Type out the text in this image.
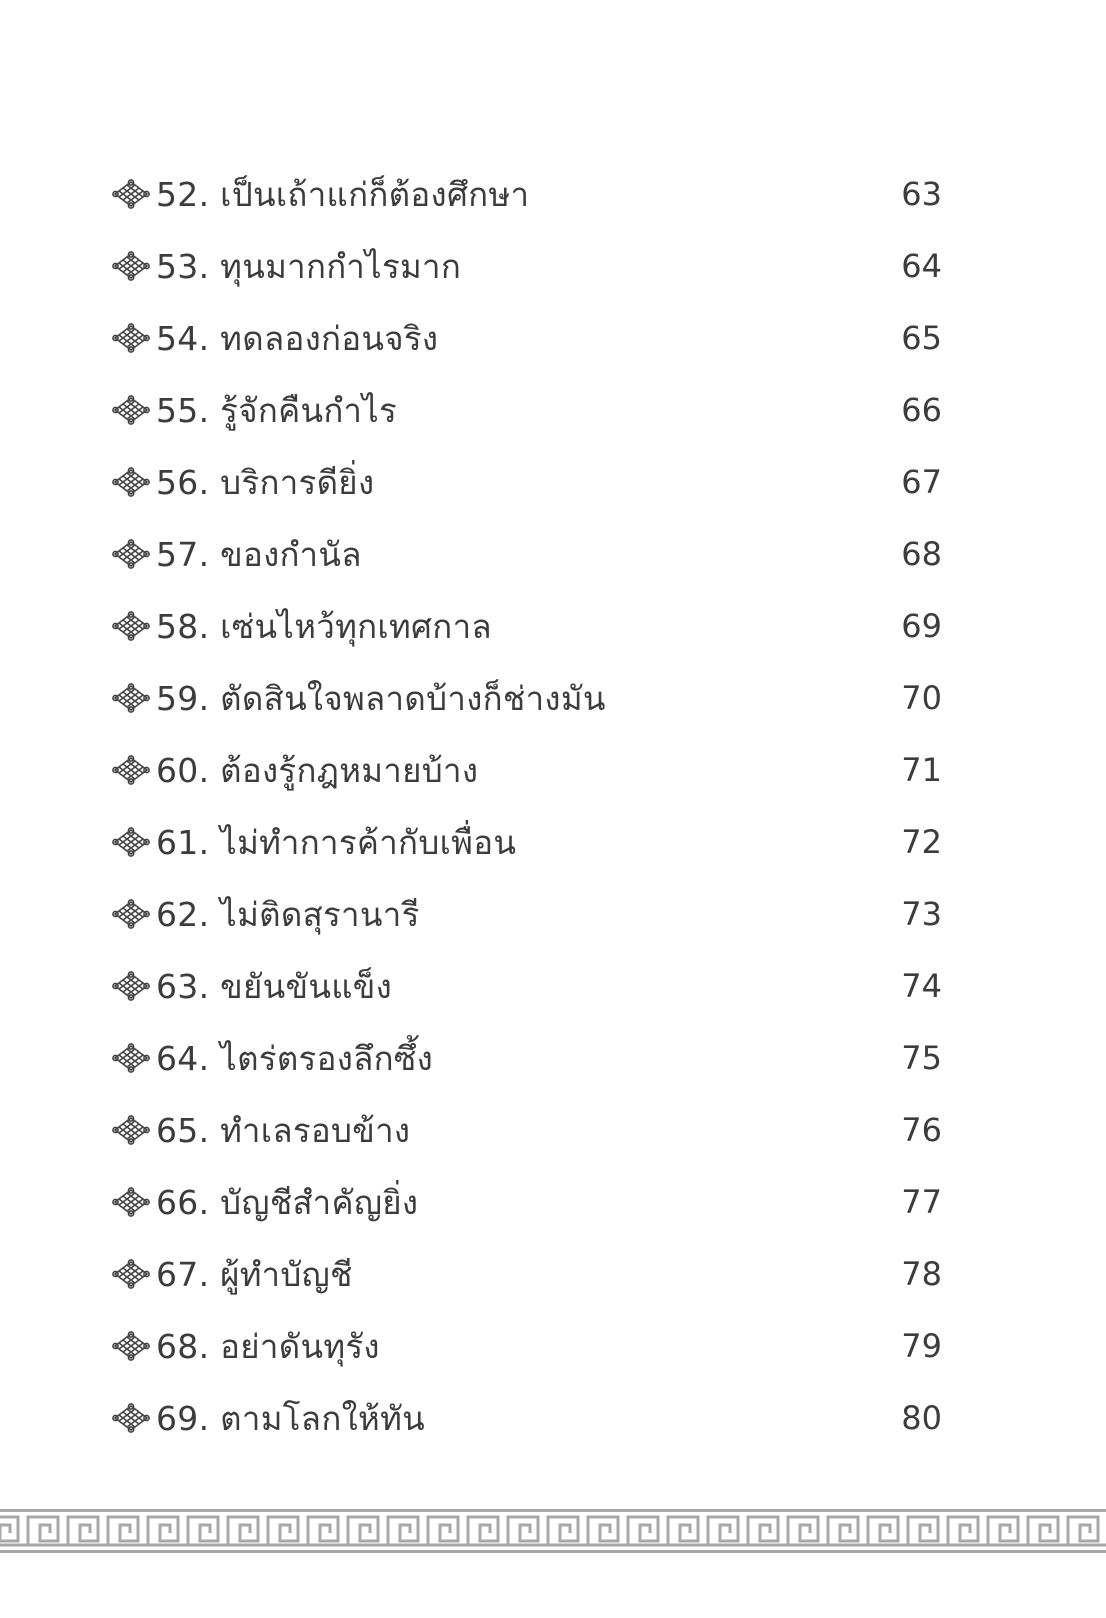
52. เป็นเถ้าแก่ก็ต้องศึกษา	63
53. ทุนมากกำไรมาก	64
54. ทดลองก่อนจริง	65
55. รู้จักคืนกำไร	66
56. บริการดียิ่ง	67
57. ของกำนัล	68
58. เซ่นไหว้ทุกเทศกาล	69
59. ตัดสินใจพลาดบ้างก็ช่างมัน	70
60. ต้องรู้กฎหมายบ้าง	71
61. ไม่ทำการค้ากับเพื่อน	72
62. ไม่ติดสุรานารี	73
63. ขยันขันแข็ง	74
64. ไตร่ตรองลึกซึ้ง	75
65. ทำเลรอบข้าง	76
66. บัญชีสำคัญยิ่ง	77
67. ผู้ทำบัญชี	78
68. อย่าดันทุรัง	79
69. ตามโลกให้ทัน	80
